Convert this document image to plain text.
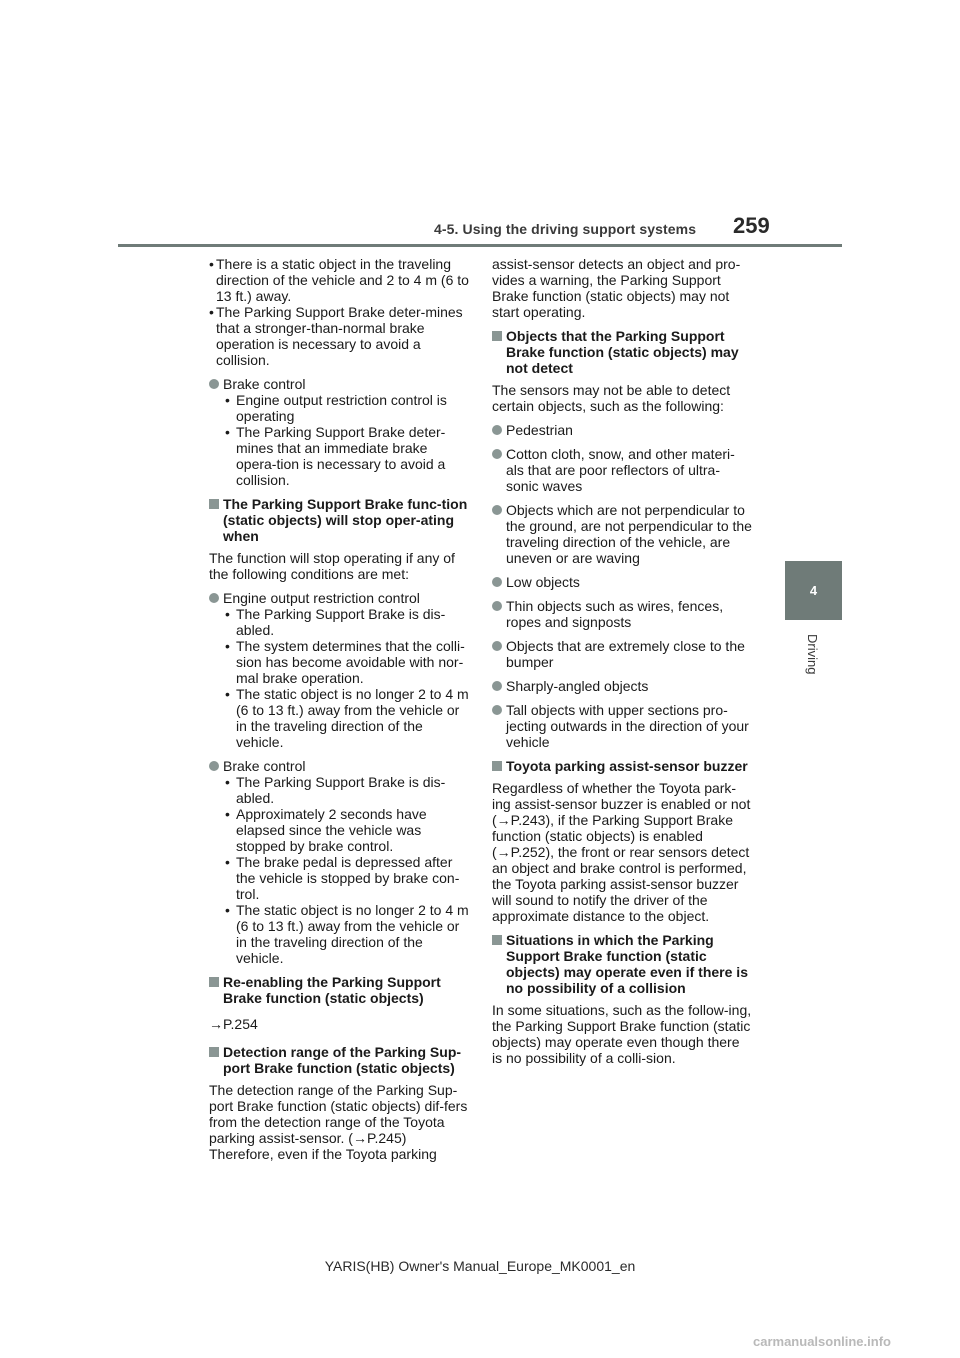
4-5. Using the driving support systems 259
4
Driving
• There is a static object in the traveling direction of the vehicle and 2 to 4 m (6 to 13 ft.) away.
• The Parking Support Brake deter-mines that a stronger-than-normal brake operation is necessary to avoid a collision.
Brake control
• Engine output restriction control is operating
• The Parking Support Brake deter-mines that an immediate brake opera-tion is necessary to avoid a collision.
The Parking Support Brake func-tion (static objects) will stop oper-ating when
The function will stop operating if any of the following conditions are met:
Engine output restriction control
• The Parking Support Brake is dis-abled.
• The system determines that the colli-sion has become avoidable with nor-mal brake operation.
• The static object is no longer 2 to 4 m (6 to 13 ft.) away from the vehicle or in the traveling direction of the vehicle.
Brake control
• The Parking Support Brake is dis-abled.
• Approximately 2 seconds have elapsed since the vehicle was stopped by brake control.
• The brake pedal is depressed after the vehicle is stopped by brake con-trol.
• The static object is no longer 2 to 4 m (6 to 13 ft.) away from the vehicle or in the traveling direction of the vehicle.
Re-enabling the Parking Support Brake function (static objects)
→P.254
Detection range of the Parking Sup-port Brake function (static objects)
The detection range of the Parking Sup-port Brake function (static objects) dif-fers from the detection range of the Toyota parking assist-sensor. (→P.245) Therefore, even if the Toyota parking
assist-sensor detects an object and pro-vides a warning, the Parking Support Brake function (static objects) may not start operating.
Objects that the Parking Support Brake function (static objects) may not detect
The sensors may not be able to detect certain objects, such as the following:
Pedestrian
Cotton cloth, snow, and other materi-als that are poor reflectors of ultra-sonic waves
Objects which are not perpendicular to the ground, are not perpendicular to the traveling direction of the vehicle, are uneven or are waving
Low objects
Thin objects such as wires, fences, ropes and signposts
Objects that are extremely close to the bumper
Sharply-angled objects
Tall objects with upper sections pro-jecting outwards in the direction of your vehicle
Toyota parking assist-sensor buzzer
Regardless of whether the Toyota park-ing assist-sensor buzzer is enabled or not (→P.243), if the Parking Support Brake function (static objects) is enabled (→P.252), the front or rear sensors detect an object and brake control is performed, the Toyota parking assist-sensor buzzer will sound to notify the driver of the approximate distance to the object.
Situations in which the Parking Support Brake function (static objects) may operate even if there is no possibility of a collision
In some situations, such as the follow-ing, the Parking Support Brake function (static objects) may operate even though there is no possibility of a colli-sion.
YARIS(HB) Owner's Manual_Europe_MK0001_en
carmanualsonline.info
